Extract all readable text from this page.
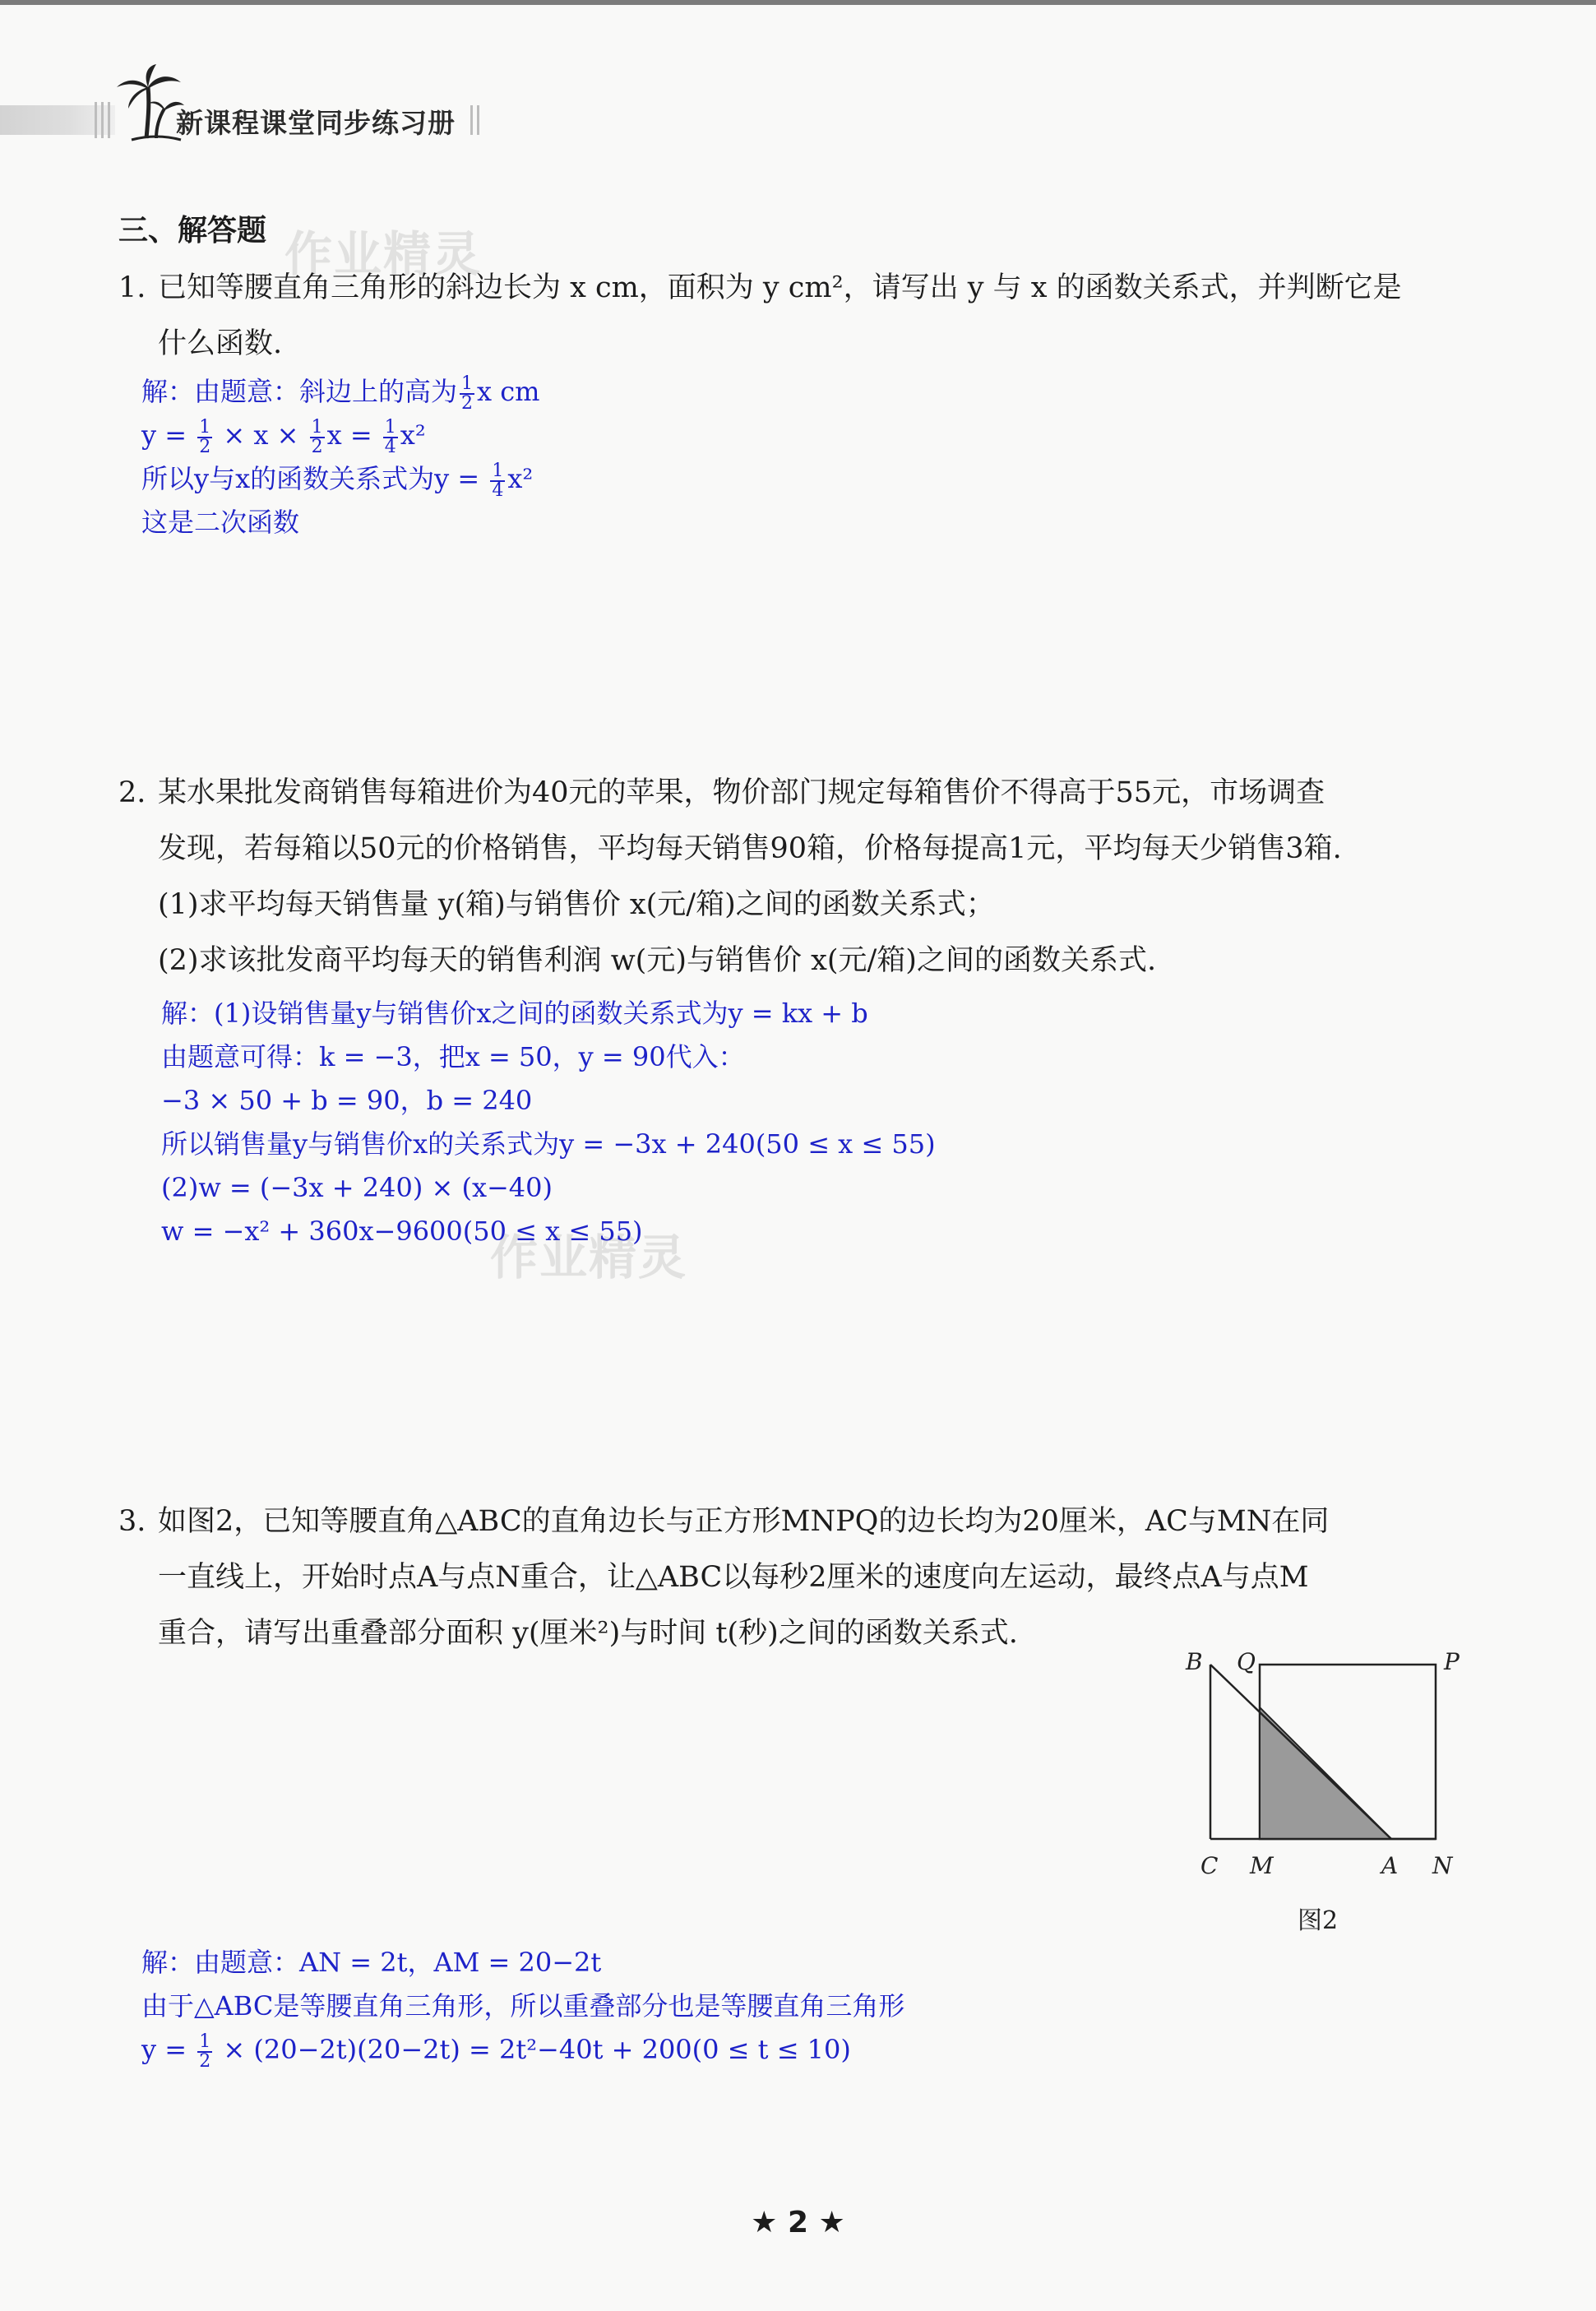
新课程课堂同步练习册
作业精灵
作业精灵
三、解答题
1. 已知等腰直角三角形的斜边长为 x cm，面积为 y cm²，请写出 y 与 x 的函数关系式，并判断它是
什么函数.
解：由题意：斜边上的高为 $\frac{1}{2}$ x cm
$y = \frac{1}{2} \times x \times \frac{1}{2}$ $x = \frac{1}{4} x^2$
所以y与x的函数关系式为$y = \frac{1}{4} x^2$
这是二次函数
2. 某水果批发商销售每箱进价为40元的苹果，物价部门规定每箱售价不得高于55元，市场调查
发现，若每箱以50元的价格销售，平均每天销售90箱，价格每提高1元，平均每天少销售3箱.
(1)求平均每天销售量 y(箱)与销售价 x(元/箱)之间的函数关系式；
(2)求该批发商平均每天的销售利润 w(元)与销售价 x(元/箱)之间的函数关系式.
解：(1)设销售量y与销售价x之间的函数关系式为y = kx + b
由题意可得：k = −3，把x = 50，y = 90代入：
−3 × 50 + b = 90，b = 240
所以销售量y与销售价x的关系式为y = −3x + 240(50 ≤ x ≤ 55)
(2)w = (−3x + 240) × (x−40)
w = −x² + 360x−9600(50 ≤ x ≤ 55)
3. 如图2，已知等腰直角△ABC的直角边长与正方形MNPQ的边长均为20厘米，AC与MN在同
一直线上，开始时点A与点N重合，让△ABC以每秒2厘米的速度向左运动，最终点A与点M
重合，请写出重叠部分面积 y(厘米²)与时间 t(秒)之间的函数关系式.
B Q	P
C M	A N
图2
解：由题意：AN = 2t，AM = 20−2t
由于△ABC是等腰直角三角形，所以重叠部分也是等腰直角三角形
$y = \frac{1}{2} \times (20-2t)(20-2t) = 2t^2-40t + 200(0 \le t \le 10)$
★ 2 ★
